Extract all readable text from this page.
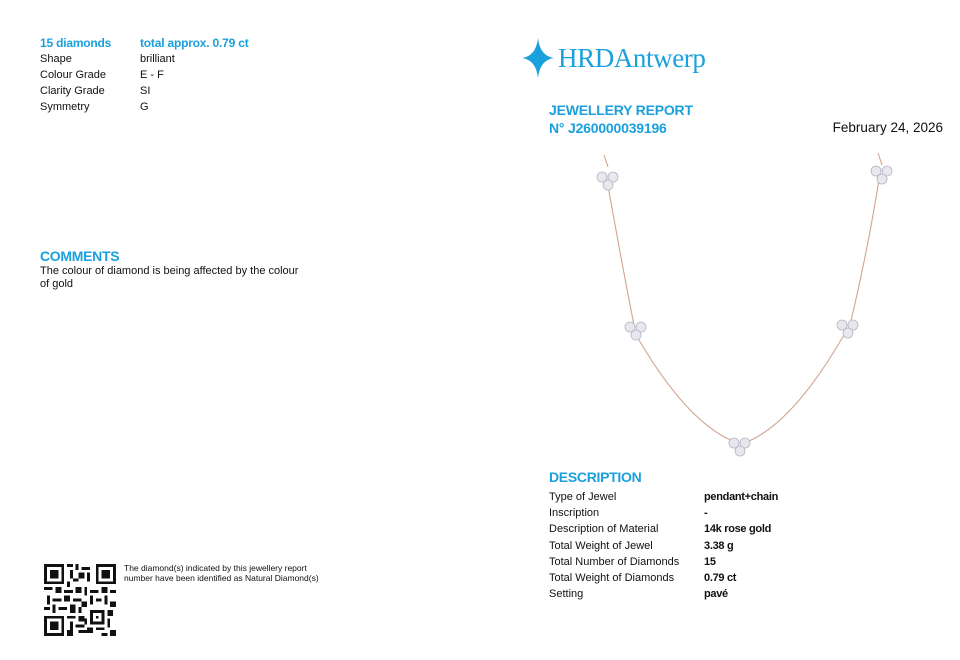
15 diamonds	total approx. 0.79 ct
Shape	brilliant
Colour Grade	E - F
Clarity Grade	SI
Symmetry	G
COMMENTS
The colour of diamond is being affected by the colour of gold
The diamond(s) indicated by this jewellery report number have been identified as Natural Diamond(s)
HRDAntwerp
JEWELLERY REPORT
N° J260000039196	February 24, 2026
DESCRIPTION
Type of Jewel	pendant+chain
Inscription	-
Description of Material	14k rose gold
Total Weight of Jewel	3.38 g
Total Number of Diamonds	15
Total Weight of Diamonds	0.79 ct
Setting	pavé
